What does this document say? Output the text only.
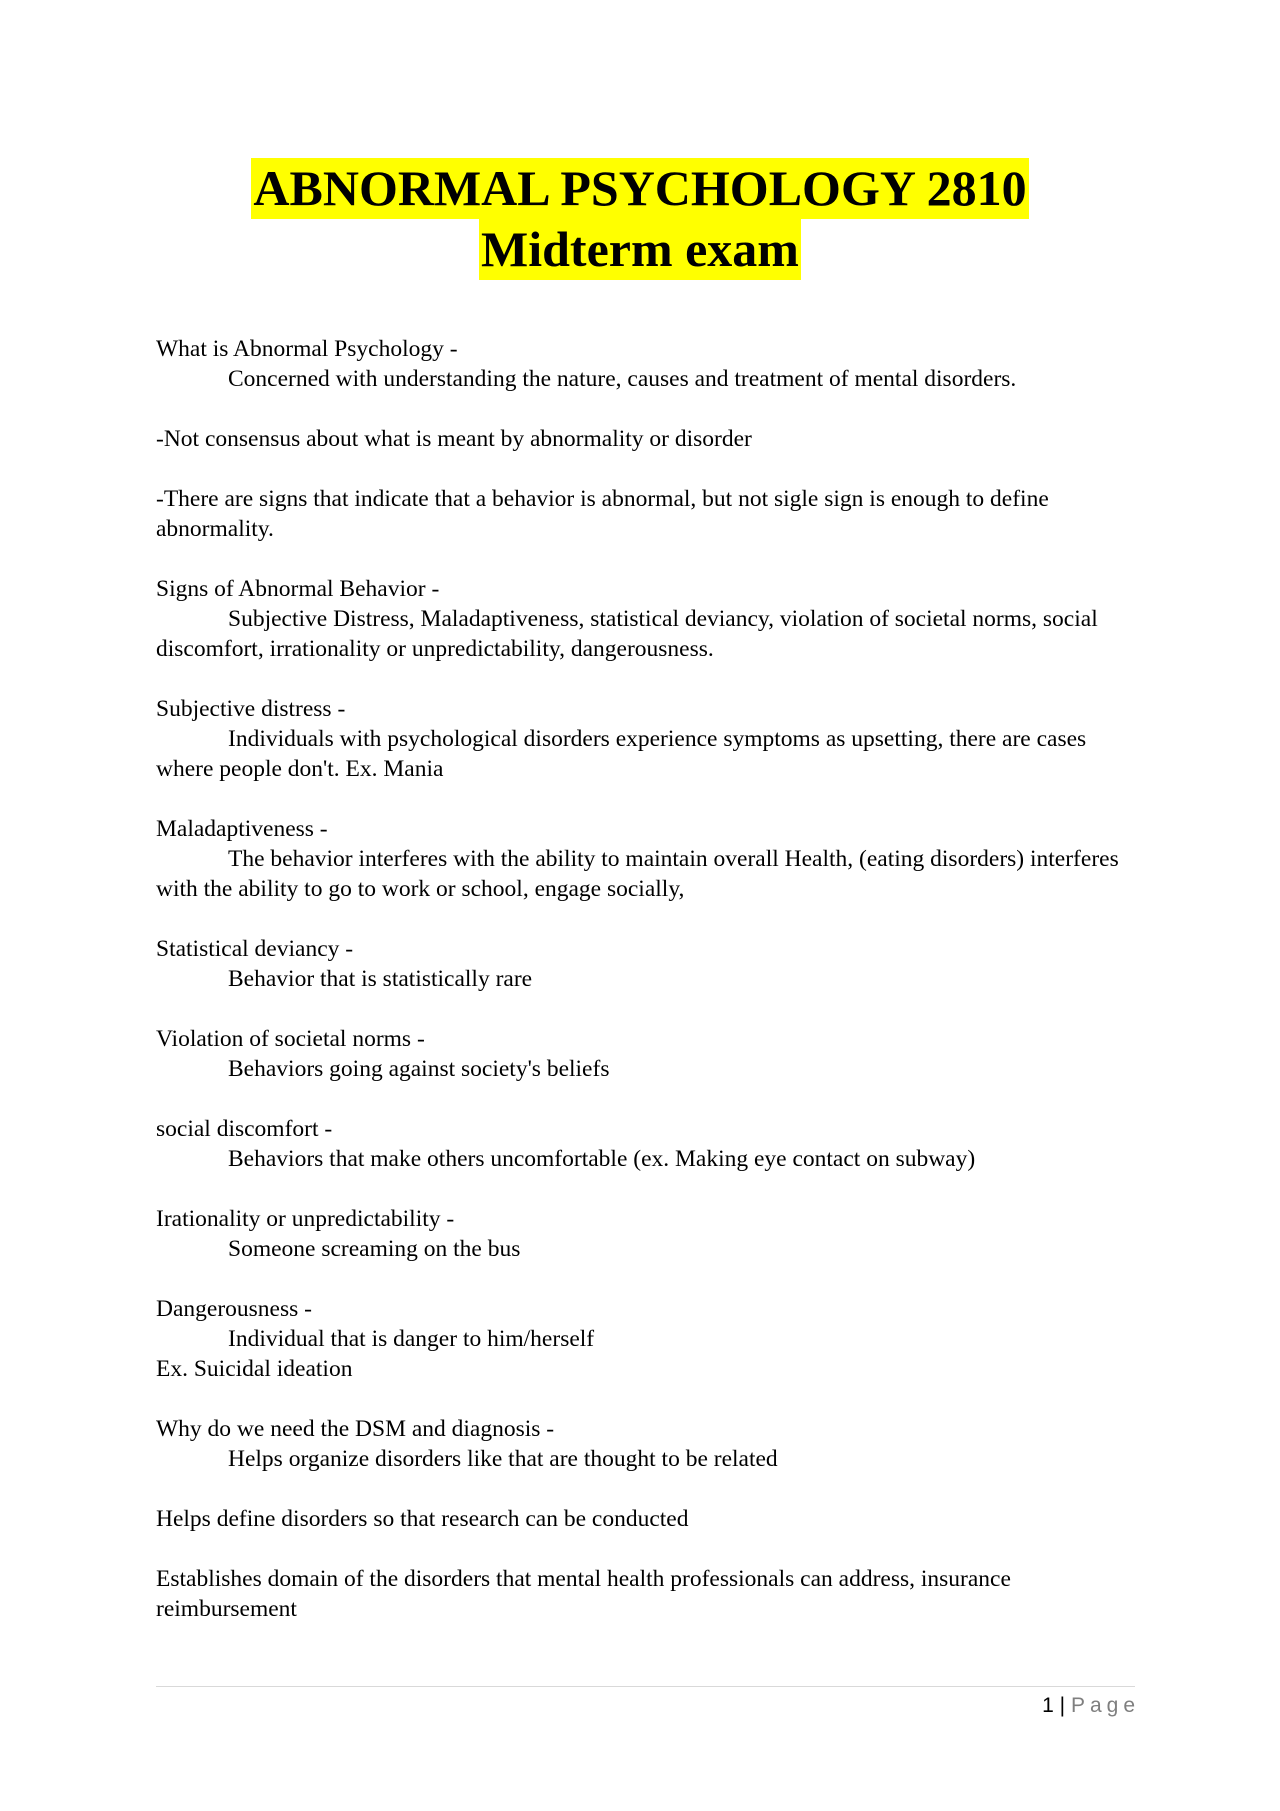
ABNORMAL PSYCHOLOGY 2810
Midterm exam
What is Abnormal Psychology -
Concerned with understanding the nature, causes and treatment of mental disorders.
-Not consensus about what is meant by abnormality or disorder
-There are signs that indicate that a behavior is abnormal, but not sigle sign is enough to define abnormality.
Signs of Abnormal Behavior -
Subjective Distress, Maladaptiveness, statistical deviancy, violation of societal norms, social discomfort, irrationality or unpredictability, dangerousness.
Subjective distress -
Individuals with psychological disorders experience symptoms as upsetting, there are cases where people don't. Ex. Mania
Maladaptiveness -
The behavior interferes with the ability to maintain overall Health, (eating disorders) interferes with the ability to go to work or school, engage socially,
Statistical deviancy -
Behavior that is statistically rare
Violation of societal norms -
Behaviors going against society's beliefs
social discomfort -
Behaviors that make others uncomfortable (ex. Making eye contact on subway)
Irationality or unpredictability -
Someone screaming on the bus
Dangerousness -
Individual that is danger to him/herself
Ex. Suicidal ideation
Why do we need the DSM and diagnosis -
Helps organize disorders like that are thought to be related
Helps define disorders so that research can be conducted
Establishes domain of the disorders that mental health professionals can address, insurance reimbursement
1 | Page
